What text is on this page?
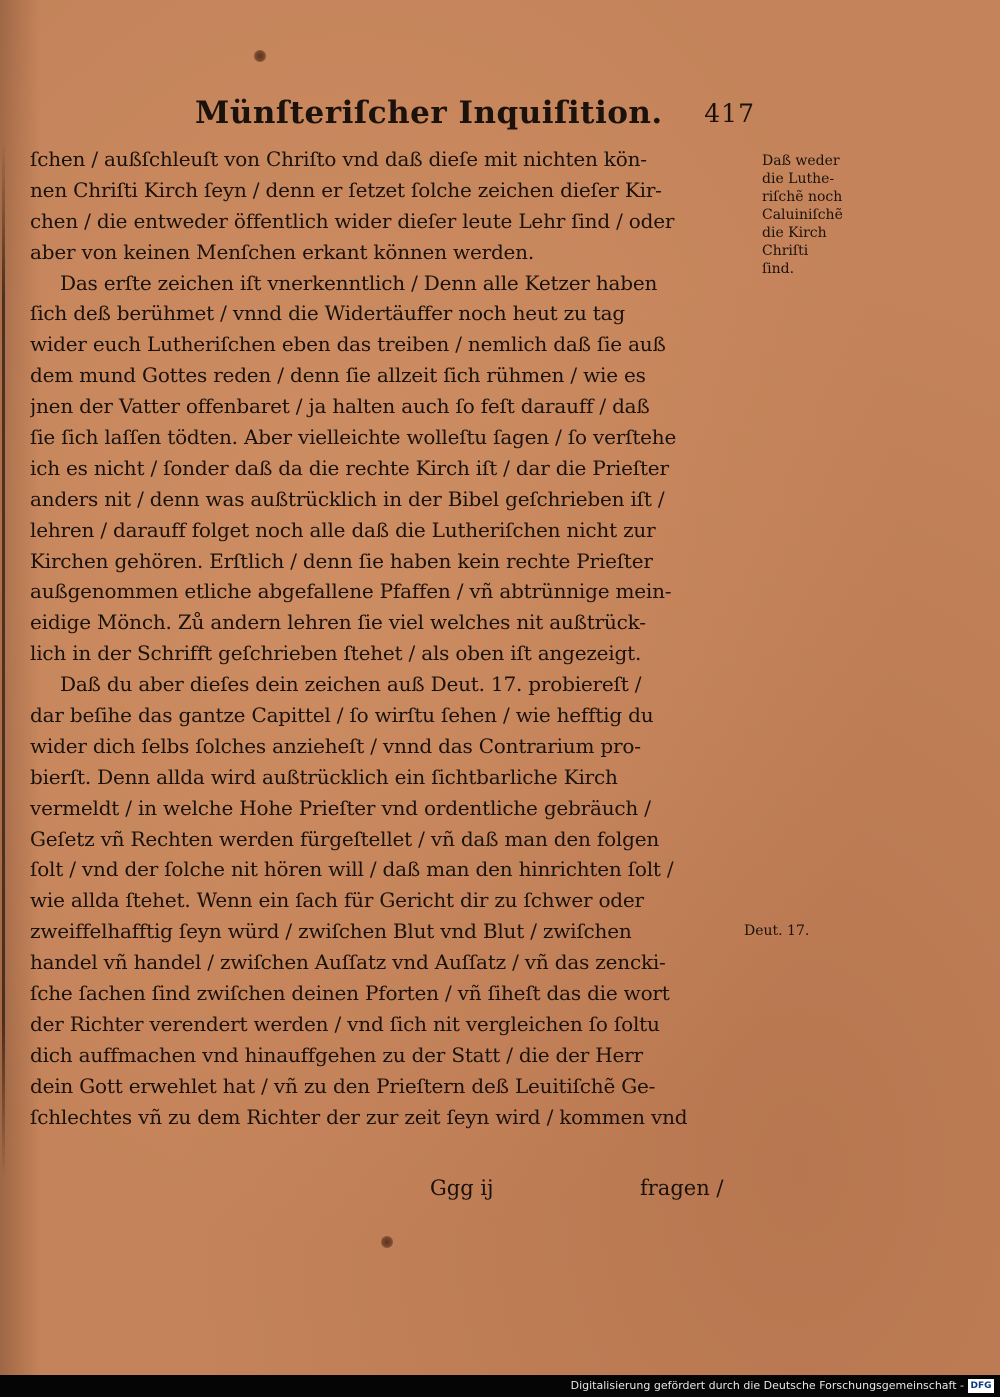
Münſteriſcher Inquiſition. 417
ſchen / außſchleuſt von Chriſto vnd daß dieſe mit nichten kön-
nen Chriſti Kirch ſeyn / denn er ſetzet ſolche zeichen dieſer Kir-
chen / die entweder öffentlich wider dieſer leute Lehr ſind / oder
aber von keinen Menſchen erkant können werden.
Das erſte zeichen iſt vnerkenntlich / Denn alle Ketzer haben
ſich deß berühmet / vnnd die Widertäuffer noch heut zu tag
wider euch Lutheriſchen eben das treiben / nemlich daß ſie auß
dem mund Gottes reden / denn ſie allzeit ſich rühmen / wie es
jnen der Vatter offenbaret / ja halten auch ſo feſt darauff / daß
ſie ſich laſſen tödten. Aber vielleichte wolleſtu ſagen / ſo verſtehe
ich es nicht / ſonder daß da die rechte Kirch iſt / dar die Prieſter
anders nit / denn was außtrücklich in der Bibel geſchrieben iſt /
lehren / darauff folget noch alle daß die Lutheriſchen nicht zur
Kirchen gehören. Erſtlich / denn ſie haben kein rechte Prieſter
außgenommen etliche abgefallene Pfaffen / vñ abtrünnige mein-
eidige Mönch. Zů andern lehren ſie viel welches nit außtrück-
lich in der Schrifft geſchrieben ſtehet / als oben iſt angezeigt.
Daß du aber dieſes dein zeichen auß Deut. 17. probiereſt /
dar beſihe das gantze Capittel / ſo wirſtu ſehen / wie hefftig du
wider dich ſelbs ſolches anzieheſt / vnnd das Contrarium pro-
bierſt. Denn allda wird außtrücklich ein ſichtbarliche Kirch
vermeldt / in welche Hohe Prieſter vnd ordentliche gebräuch /
Geſetz vñ Rechten werden fürgeſtellet / vñ daß man den folgen
ſolt / vnd der ſolche nit hören will / daß man den hinrichten ſolt /
wie allda ſtehet. Wenn ein ſach für Gericht dir zu ſchwer oder
zweiffelhafftig ſeyn würd / zwiſchen Blut vnd Blut / zwiſchen
handel vñ handel / zwiſchen Auſſatz vnd Auſſatz / vñ das zencki-
ſche ſachen ſind zwiſchen deinen Pforten / vñ ſiheſt das die wort
der Richter verendert werden / vnd ſich nit vergleichen ſo ſoltu
dich auffmachen vnd hinauffgehen zu der Statt / die der Herr
dein Gott erwehlet hat / vñ zu den Prieſtern deß Leuitiſchẽ Ge-
ſchlechtes vñ zu dem Richter der zur zeit ſeyn wird / kommen vnd
Daß weder
die Luthe-
riſchẽ noch
Caluiniſchẽ
die Kirch
Chriſti
ſind.
Deut. 17.
Ggg ij	fragen /
Digitalisierung gefördert durch die Deutsche Forschungsgemeinschaft - DFG
